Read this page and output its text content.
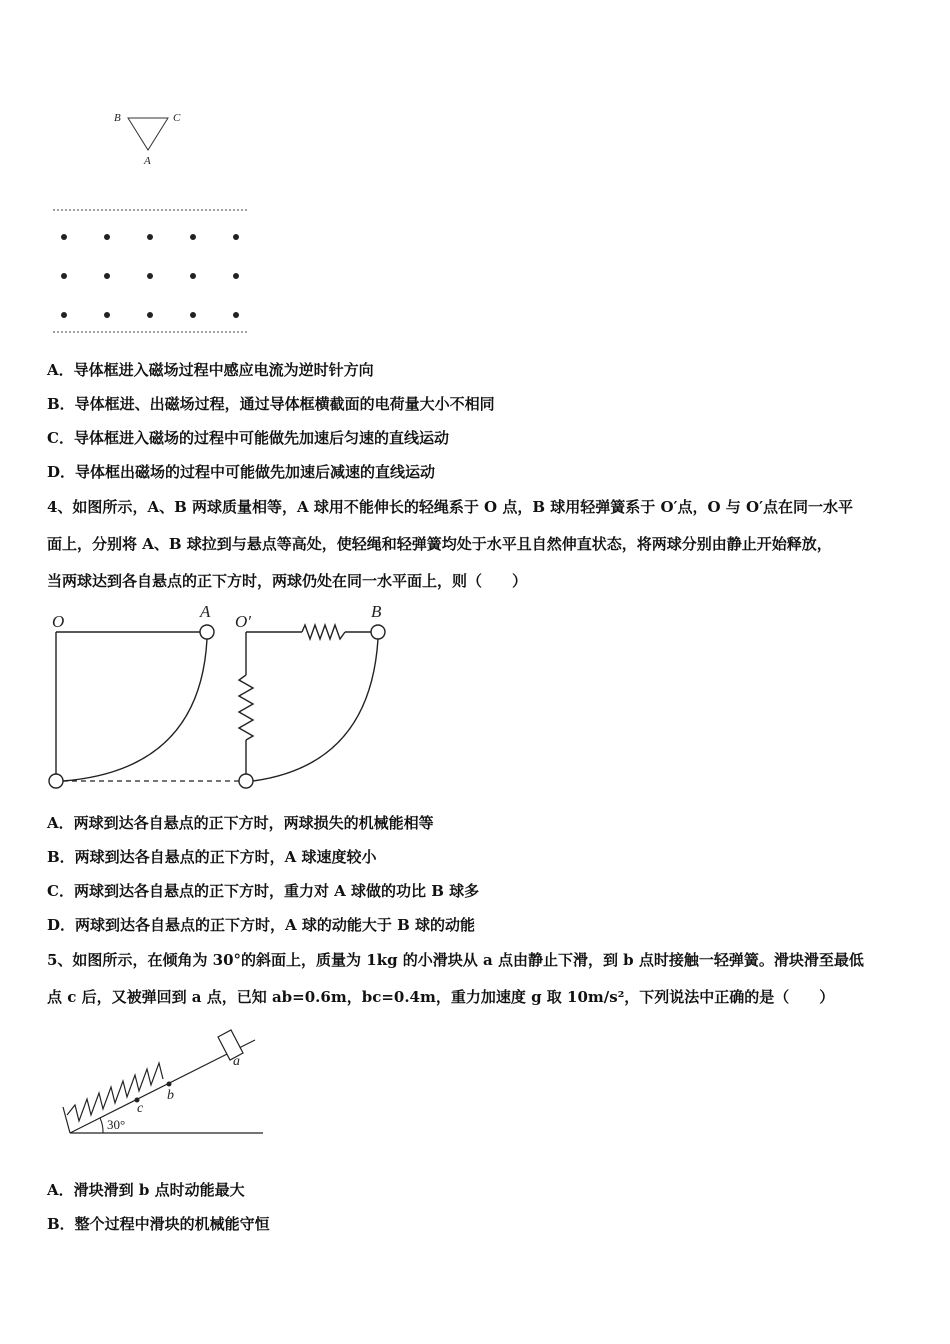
B	C
A
A．导体框进入磁场过程中感应电流为逆时针方向
B．导体框进、出磁场过程，通过导体框横截面的电荷量大小不相同
C．导体框进入磁场的过程中可能做先加速后匀速的直线运动
D．导体框出磁场的过程中可能做先加速后减速的直线运动
4、如图所示，A、B 两球质量相等，A 球用不能伸长的轻绳系于 O 点，B 球用轻弹簧系于 O′点，O 与 O′点在同一水平
面上，分别将 A、B 球拉到与悬点等高处，使轻绳和轻弹簧均处于水平且自然伸直状态，将两球分别由静止开始释放，
当两球达到各自悬点的正下方时，两球仍处在同一水平面上，则（　　）
O
A
O′
B
A．两球到达各自悬点的正下方时，两球损失的机械能相等
B．两球到达各自悬点的正下方时，A 球速度较小
C．两球到达各自悬点的正下方时，重力对 A 球做的功比 B 球多
D．两球到达各自悬点的正下方时，A 球的动能大于 B 球的动能
5、如图所示，在倾角为 30°的斜面上，质量为 1kg 的小滑块从 a 点由静止下滑，到 b 点时接触一轻弹簧。滑块滑至最低
点 c 后，又被弹回到 a 点，已知 ab=0.6m，bc=0.4m，重力加速度 g 取 10m/s²，下列说法中正确的是（　　）
c
b
a
30°
A．滑块滑到 b 点时动能最大
B．整个过程中滑块的机械能守恒
